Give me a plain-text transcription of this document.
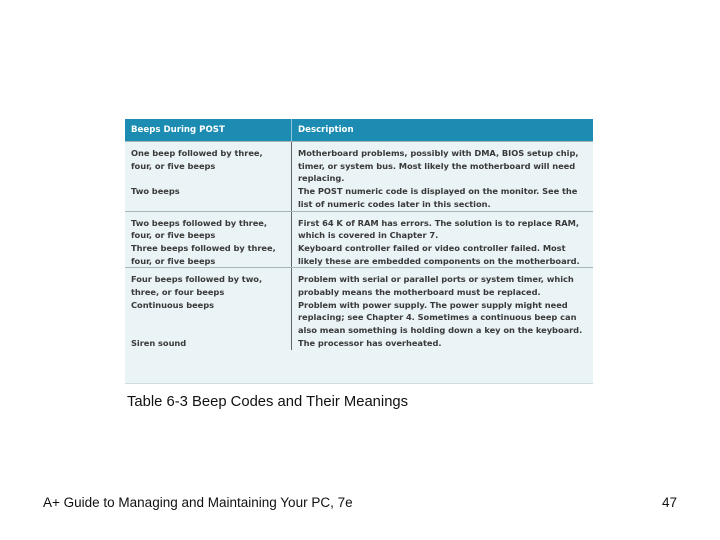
Beeps During POST	Description
One beep followed by three,
four, or five beeps

Two beeps
Motherboard problems, possibly with DMA, BIOS setup chip,
timer, or system bus. Most likely the motherboard will need
replacing.
The POST numeric code is displayed on the monitor. See the
list of numeric codes later in this section.
Two beeps followed by three,
four, or five beeps
Three beeps followed by three,
four, or five beeps
First 64 K of RAM has errors. The solution is to replace RAM,
which is covered in Chapter 7.
Keyboard controller failed or video controller failed. Most
likely these are embedded components on the motherboard.
Four beeps followed by two,
three, or four beeps
Continuous beeps

Siren sound
Problem with serial or parallel ports or system timer, which
probably means the motherboard must be replaced.
Problem with power supply. The power supply might need
replacing; see Chapter 4. Sometimes a continuous beep can
also mean something is holding down a key on the keyboard.
The processor has overheated.
Table 6-3 Beep Codes and Their Meanings
A+ Guide to Managing and Maintaining Your PC, 7e	47
